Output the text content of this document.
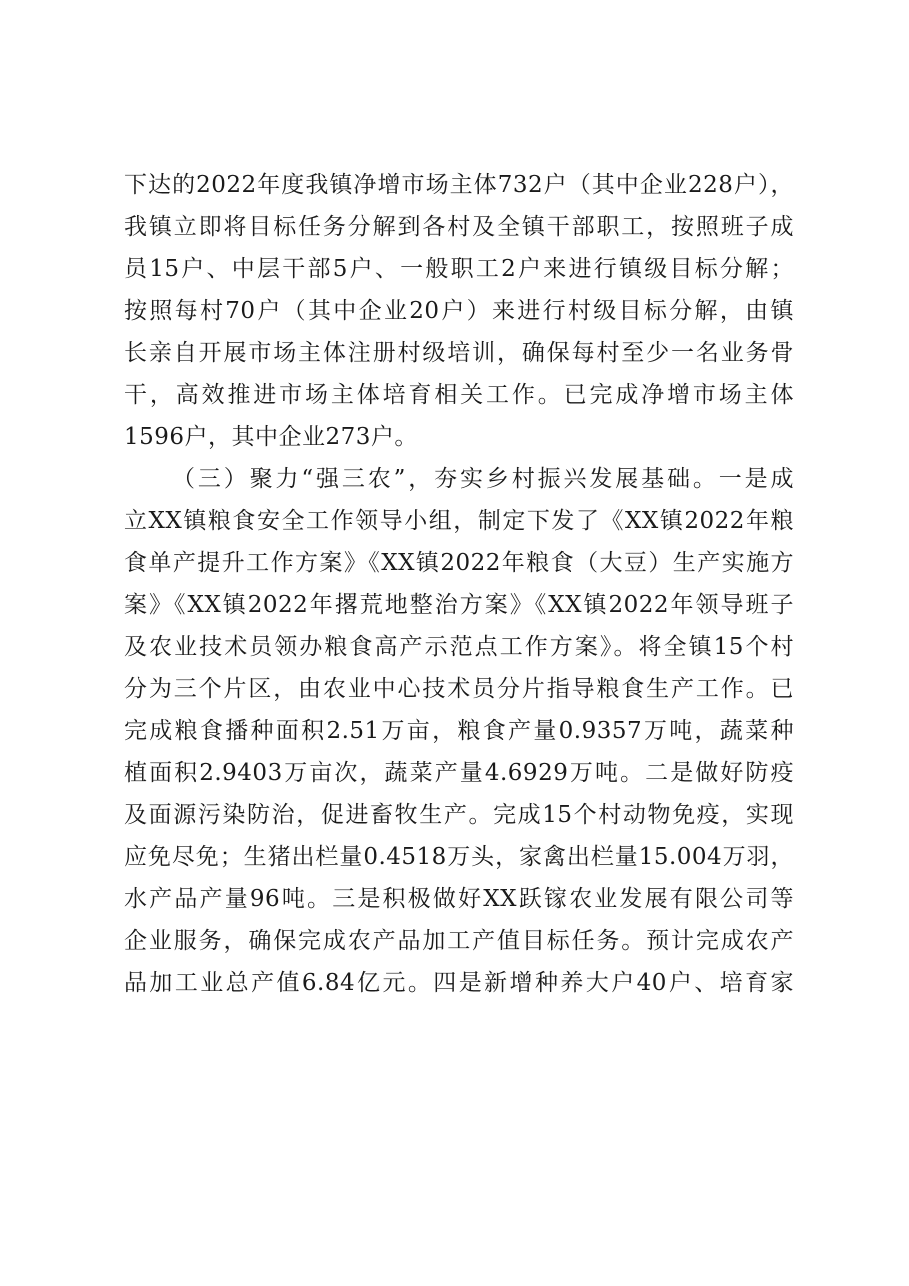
下达的2022年度我镇净增市场主体732户（其中企业228户），
我镇立即将目标任务分解到各村及全镇干部职工，按照班子成
员15户、中层干部5户、一般职工2户来进行镇级目标分解；
按照每村70户（其中企业20户）来进行村级目标分解，由镇
长亲自开展市场主体注册村级培训，确保每村至少一名业务骨
干，高效推进市场主体培育相关工作。已完成净增市场主体
1596户，其中企业273户。
（三）聚力“强三农”，夯实乡村振兴发展基础。一是成
立XX镇粮食安全工作领导小组，制定下发了《XX镇2022年粮
食单产提升工作方案》《XX镇2022年粮食（大豆）生产实施方
案》《XX镇2022年撂荒地整治方案》《XX镇2022年领导班子
及农业技术员领办粮食高产示范点工作方案》。将全镇15个村
分为三个片区，由农业中心技术员分片指导粮食生产工作。已
完成粮食播种面积2.51万亩，粮食产量0.9357万吨，蔬菜种
植面积2.9403万亩次，蔬菜产量4.6929万吨。二是做好防疫
及面源污染防治，促进畜牧生产。完成15个村动物免疫，实现
应免尽免；生猪出栏量0.4518万头，家禽出栏量15.004万羽，
水产品产量96吨。三是积极做好XX跃镓农业发展有限公司等
企业服务，确保完成农产品加工产值目标任务。预计完成农产
品加工业总产值6.84亿元。四是新增种养大户40户、培育家
